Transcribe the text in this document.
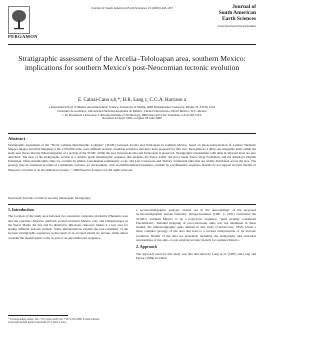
PERGAMON
Journal of South American Earth Sciences 13 (2000) 443–457	Journal of
South American
Earth Sciences
www.elsevier.nl/locate/jsames
Stratigraphic assessment of the Arcelia–Teloloapan area, southern Mexico: implications for southern Mexico's post-Neocomian tectonic evolution
E. Cabral-Cano a,b,*, H.R. Lang c, C.G.A. Harrison a
a Rosenstiel School of Marine and Atmospheric Science, University of Miami, 4600 Rickenbacker Causeway, Miami, FL 33149, USA
b Instituto de Geofísica, Universidad Nacional Autónoma de México, Ciudad Universitaria, 04510 México, D.F., Mexico
c Jet Propulsion Laboratory, California Institute of Technology, 4800 Oak Grove Dr., Pasadena, CA 91109, USA
Received 24 April 1999; accepted 28 June 2000
Abstract
Stratigraphic assessment of the "Tierra Caliente Metamorphic Complex" (TCMC) between Arcelia and Teloloapan in southern Mexico, based on photo-interpretation of Landsat Thematic Mapper images and field mapping at the 1:100,000 scale, tests different tectonic evolution scenarios that have been proposed for this area. Recognition of thirty-one mappable units within the study area shows that the lithostratigraphy of a portion of the TCMC within the area between Arcelia and Teloloapan is preserved. Stratigraphic relationships with units in adjacent areas are also described. The base of the stratigraphic section is a chlorite grade metamorphic sequence that includes the Taxco Schist, the Roca Verde Taxco Viejo Formation, and the Almoloya Phyllite Formation. These metamorphic units are overlain by Albian–Cenomanian sedimentary rocks, and Late Cretaceous and Tertiary continental units that are widely distributed across the area. The geology may be explained in terms of a submarine volcanic arc environment, with an undifferentiated basement, overlain by a sedimentary sequence. Results do not support tectonic models of Mesozoic accretion of an allochthonous terrane. © 2000 Elsevier Science Ltd. All rights reserved.
Keywords: Tectonic evolution; Arcelia; Teloloapan; Stratigraphy
1. Introduction

The location of the study area between two extensive carbonate platforms (Huetamo area and the Guerrero–Morelos platform located between Mexico City and Chilpancingo) in the Sierra Madre del Sur and its distinctive lithologic character makes it a key area for testing different tectonic models. Some interpretations explain the non-continuity of the tectonic stratigraphic sequences as the result of an accreted island arc terrane, while others consider the metamorphic rocks as part of an autochthonous sequence.

a tectonostratigraphic analysis carried out in the surroundings of the proposed tectonostratigraphic terrane boundary. Ortega-Gutiérrez (1981, p. 1991) considered the TCMC's southern Mexico to be a polycyclic sequence, "until recently considered Precambrian". Detailed mapping of pre-Cretaceous units was not attempted in these studies; the lithostratigraphic units defined in this study (Cabral-Cano, 1995) reveal a more complex geology of the area and lead to a revised interpretation of its tectonic evolution. Details of the data are presented, including the stratigraphy and structural relationships of the units, to test existing tectonic models for southern Mexico.

2. Approach

The approach used for this study was that described by Lang et al. (1987) and Lang and Paylor (1994) in which

* Corresponding author. Tel.: +52-5-622-4120; fax: +52-5-550-2486. E-mail address: ecabral@tonatiuh.igeofcu.unam.mx (E. Cabral-Cano).
